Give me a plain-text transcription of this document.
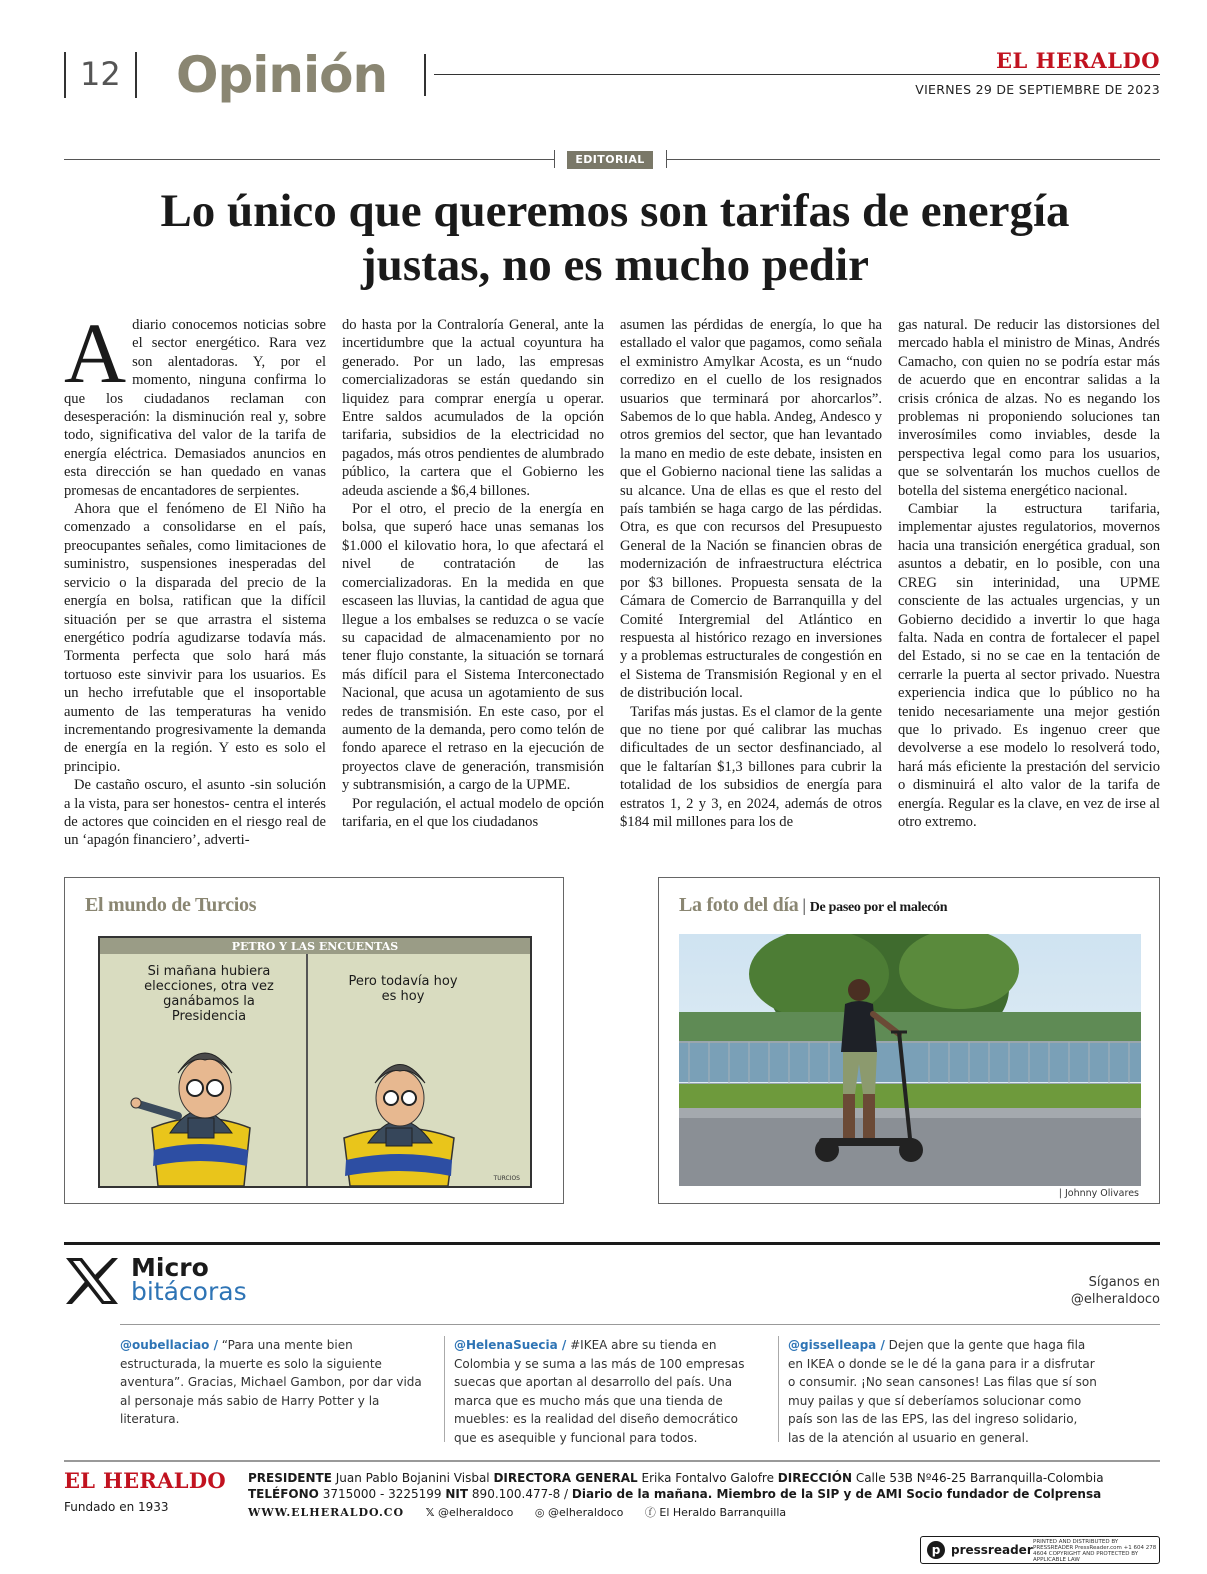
12	Opinión	EL HERALDO
VIERNES 29 DE SEPTIEMBRE DE 2023
EDITORIAL
Lo único que queremos son tarifas de energía justas, no es mucho pedir

Adiario conocemos noticias sobre el sector energético. Rara vez son alentadoras. Y, por el momento, ninguna confirma lo que los ciudadanos reclaman con desesperación: la disminución real y, sobre todo, significativa del valor de la tarifa de energía eléctrica. Demasiados anuncios en esta dirección se han quedado en vanas promesas de encantadores de serpientes.

Ahora que el fenómeno de El Niño ha comenzado a consolidarse en el país, preocupantes señales, como limitaciones de suministro, suspensiones inesperadas del servicio o la disparada del precio de la energía en bolsa, ratifican que la difícil situación per se que arrastra el sistema energético podría agudizarse todavía más. Tormenta perfecta que solo hará más tortuoso este sinvivir para los usuarios. Es un hecho irrefutable que el insoportable aumento de las temperaturas ha venido incrementando progresivamente la demanda de energía en la región. Y esto es solo el principio.

De castaño oscuro, el asunto -sin solución a la vista, para ser honestos- centra el interés de actores que coinciden en el riesgo real de un ‘apagón financiero’, adverti-

do hasta por la Contraloría General, ante la incertidumbre que la actual coyuntura ha generado. Por un lado, las empresas comercializadoras se están quedando sin liquidez para comprar energía u operar. Entre saldos acumulados de la opción tarifaria, subsidios de la electricidad no pagados, más otros pendientes de alumbrado público, la cartera que el Gobierno les adeuda asciende a $6,4 billones.

Por el otro, el precio de la energía en bolsa, que superó hace unas semanas los $1.000 el kilovatio hora, lo que afectará el nivel de contratación de las comercializadoras. En la medida en que escaseen las lluvias, la cantidad de agua que llegue a los embalses se reduzca o se vacíe su capacidad de almacenamiento por no tener flujo constante, la situación se tornará más difícil para el Sistema Interconectado Nacional, que acusa un agotamiento de sus redes de transmisión. En este caso, por el aumento de la demanda, pero como telón de fondo aparece el retraso en la ejecución de proyectos clave de generación, transmisión y subtransmisión, a cargo de la UPME.

Por regulación, el actual modelo de opción tarifaria, en el que los ciudadanos

asumen las pérdidas de energía, lo que ha estallado el valor que pagamos, como señala el exministro Amylkar Acosta, es un “nudo corredizo en el cuello de los resignados usuarios que terminará por ahorcarlos”. Sabemos de lo que habla. Andeg, Andesco y otros gremios del sector, que han levantado la mano en medio de este debate, insisten en que el Gobierno nacional tiene las salidas a su alcance. Una de ellas es que el resto del país también se haga cargo de las pérdidas. Otra, es que con recursos del Presupuesto General de la Nación se financien obras de modernización de infraestructura eléctrica por $3 billones. Propuesta sensata de la Cámara de Comercio de Barranquilla y del Comité Intergremial del Atlántico en respuesta al histórico rezago en inversiones y a problemas estructurales de congestión en el Sistema de Transmisión Regional y en el de distribución local.

Tarifas más justas. Es el clamor de la gente que no tiene por qué calibrar las muchas dificultades de un sector desfinanciado, al que le faltarían $1,3 billones para cubrir la totalidad de los subsidios de energía para estratos 1, 2 y 3, en 2024, además de otros $184 mil millones para los de

gas natural. De reducir las distorsiones del mercado habla el ministro de Minas, Andrés Camacho, con quien no se podría estar más de acuerdo que en encontrar salidas a la crisis crónica de alzas. No es negando los problemas ni proponiendo soluciones tan inverosímiles como inviables, desde la perspectiva legal como para los usuarios, que se solventarán los muchos cuellos de botella del sistema energético nacional.

Cambiar la estructura tarifaria, implementar ajustes regulatorios, movernos hacia una transición energética gradual, son asuntos a debatir, en lo posible, con una CREG sin interinidad, una UPME consciente de las actuales urgencias, y un Gobierno decidido a invertir lo que haga falta. Nada en contra de fortalecer el papel del Estado, si no se cae en la tentación de cerrarle la puerta al sector privado. Nuestra experiencia indica que lo público no ha tenido necesariamente una mejor gestión que lo privado. Es ingenuo creer que devolverse a ese modelo lo resolverá todo, hará más eficiente la prestación del servicio o disminuirá el alto valor de la tarifa de energía. Regular es la clave, en vez de irse al otro extremo.

El mundo de Turcios
PETRO Y LAS ENCUENTAS
Si mañana hubiera elecciones, otra vez ganábamos la Presidencia
Pero todavía hoy es hoy
TURCIOS
La foto del día | De paseo por el malecón
| Johnny Olivares
Micro
bitácoras	Síganos en
@elheraldoco
@oubellaciao / “Para una mente bien estructurada, la muerte es solo la siguiente aventura”. Gracias, Michael Gambon, por dar vida al personaje más sabio de Harry Potter y la literatura.
@HelenaSuecia / #IKEA abre su tienda en Colombia y se suma a las más de 100 empresas suecas que aportan al desarrollo del país. Una marca que es mucho más que una tienda de muebles: es la realidad del diseño democrático que es asequible y funcional para todos.
@gisselleapa / Dejen que la gente que haga fila en IKEA o donde se le dé la gana para ir a disfrutar o consumir. ¡No sean cansones! Las filas que sí son muy pailas y que sí deberíamos solucionar como país son las de las EPS, las del ingreso solidario, las de la atención al usuario en general.
EL HERALDO
Fundado en 1933
PRESIDENTE Juan Pablo Bojanini Visbal DIRECTORA GENERAL Erika Fontalvo Galofre DIRECCIÓN Calle 53B Nº46-25 Barranquilla-Colombia
TELÉFONO 3715000 - 3225199 NIT 890.100.477-8 / Diario de la mañana. Miembro de la SIP y de AMI Socio fundador de Colprensa
WWW.ELHERALDO.CO 𝕏 @elheraldoco ◎ @elheraldoco ⓕ El Heraldo Barranquilla
p pressreader
PRINTED AND DISTRIBUTED BY PRESSREADER PressReader.com +1 604 278 4604 COPYRIGHT AND PROTECTED BY APPLICABLE LAW
